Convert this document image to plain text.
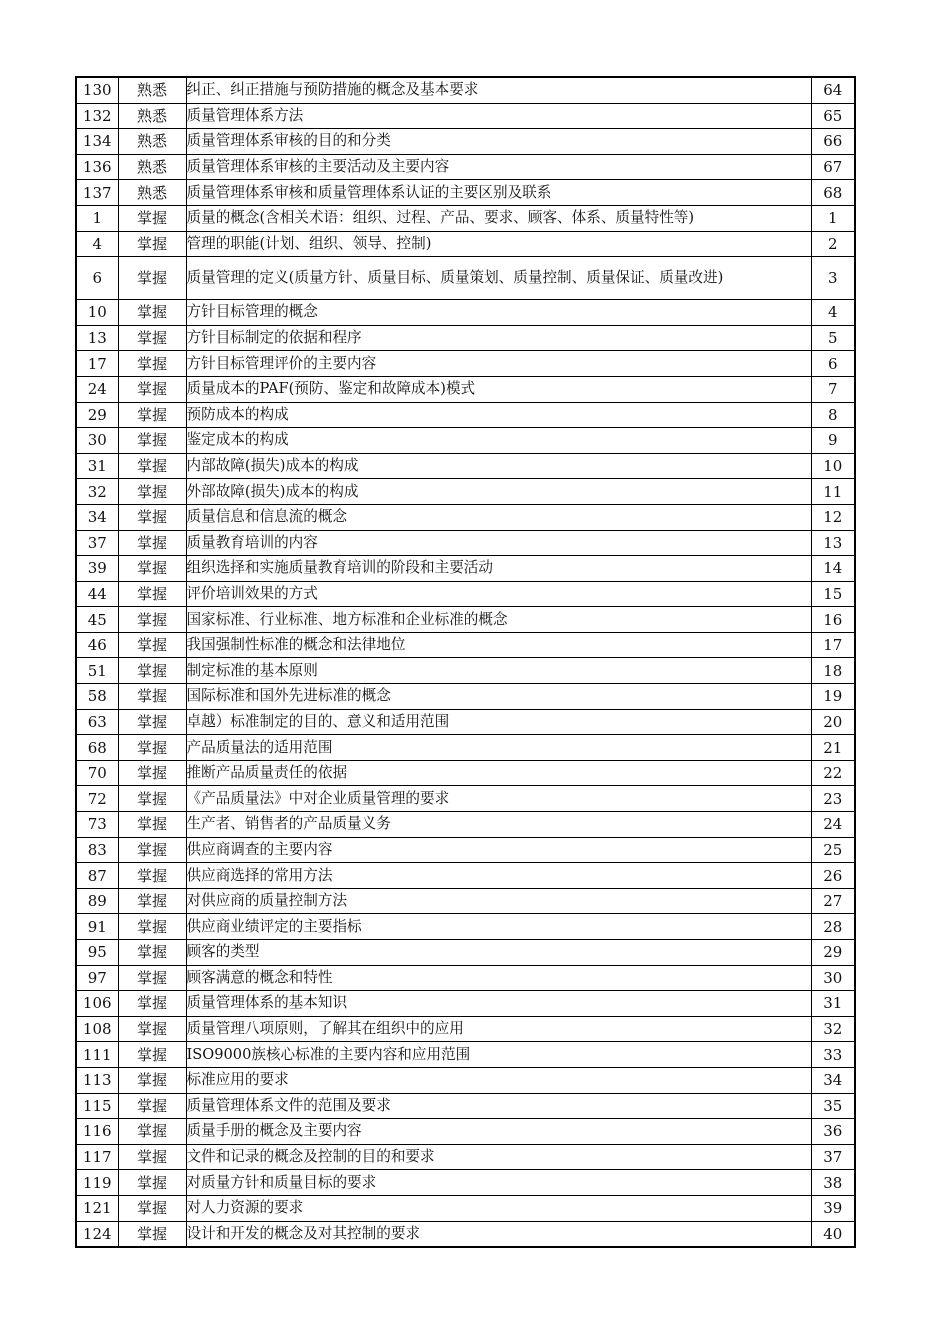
130	熟悉	纠正、纠正措施与预防措施的概念及基本要求	64
132	熟悉	质量管理体系方法	65
134	熟悉	质量管理体系审核的目的和分类	66
136	熟悉	质量管理体系审核的主要活动及主要内容	67
137	熟悉	质量管理体系审核和质量管理体系认证的主要区别及联系	68
1	掌握	质量的概念(含相关术语：组织、过程、产品、要求、顾客、体系、质量特性等)	1
4	掌握	管理的职能(计划、组织、领导、控制)	2
6	掌握	质量管理的定义(质量方针、质量目标、质量策划、质量控制、质量保证、质量改进)	3
10	掌握	方针目标管理的概念	4
13	掌握	方针目标制定的依据和程序	5
17	掌握	方针目标管理评价的主要内容	6
24	掌握	质量成本的PAF(预防、鉴定和故障成本)模式	7
29	掌握	预防成本的构成	8
30	掌握	鉴定成本的构成	9
31	掌握	内部故障(损失)成本的构成	10
32	掌握	外部故障(损失)成本的构成	11
34	掌握	质量信息和信息流的概念	12
37	掌握	质量教育培训的内容	13
39	掌握	组织选择和实施质量教育培训的阶段和主要活动	14
44	掌握	评价培训效果的方式	15
45	掌握	国家标准、行业标准、地方标准和企业标准的概念	16
46	掌握	我国强制性标准的概念和法律地位	17
51	掌握	制定标准的基本原则	18
58	掌握	国际标准和国外先进标准的概念	19
63	掌握	卓越）标准制定的目的、意义和适用范围	20
68	掌握	产品质量法的适用范围	21
70	掌握	推断产品质量责任的依据	22
72	掌握	《产品质量法》中对企业质量管理的要求	23
73	掌握	生产者、销售者的产品质量义务	24
83	掌握	供应商调查的主要内容	25
87	掌握	供应商选择的常用方法	26
89	掌握	对供应商的质量控制方法	27
91	掌握	供应商业绩评定的主要指标	28
95	掌握	顾客的类型	29
97	掌握	顾客满意的概念和特性	30
106	掌握	质量管理体系的基本知识	31
108	掌握	质量管理八项原则，了解其在组织中的应用	32
111	掌握	ISO9000族核心标准的主要内容和应用范围	33
113	掌握	标准应用的要求	34
115	掌握	质量管理体系文件的范围及要求	35
116	掌握	质量手册的概念及主要内容	36
117	掌握	文件和记录的概念及控制的目的和要求	37
119	掌握	对质量方针和质量目标的要求	38
121	掌握	对人力资源的要求	39
124	掌握	设计和开发的概念及对其控制的要求	40
